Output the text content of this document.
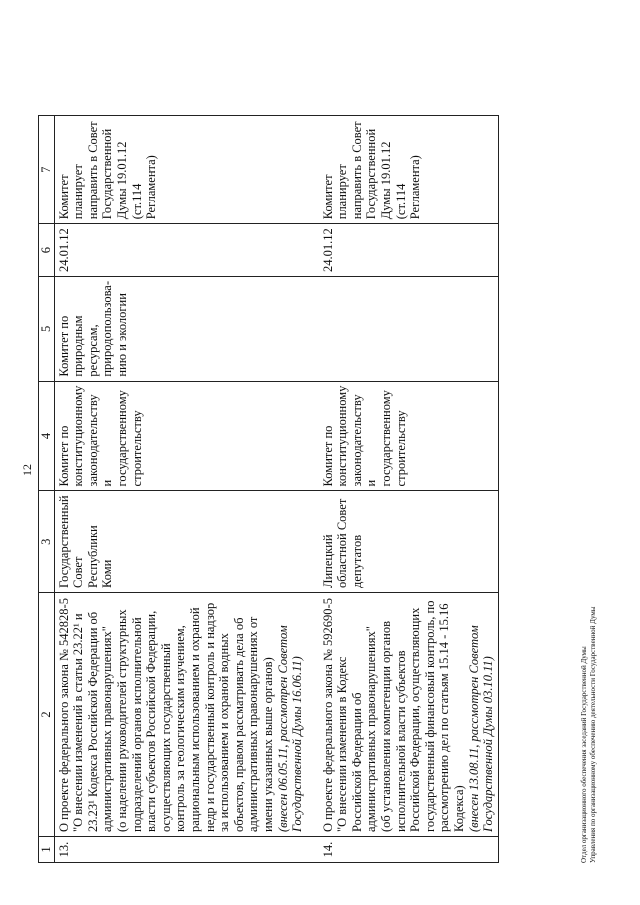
12
1	2	3	4	5	6	7
13.	О проекте федерального закона № 542828-5 "О внесении изменений в статьи 23.22¹ и 23.23¹ Кодекса Российской Федерации об административных правонарушениях" (о наделении руководителей структурных подразделений органов исполнительной власти субъектов Российской Федерации, осуществляющих государственный контроль за геологическим изучением, рациональным использованием и охраной недр и государственный контроль и надзор за использованием и охраной водных объектов, правом рассматривать дела об административных правонарушениях от имени указанных выше органов) (внесен 06.05.11, рассмотрен Советом Государственной Думы 16.06.11)	Государственный Совет Республики Коми	Комитет по конституционному законодательству и государственному строительству	Комитет по природным ресурсам, природопользова-нию и экологии	24.01.12	Комитет планирует направить в Совет Государственной Думы 19.01.12 (ст.114 Регламента)
14.	О проекте федерального закона № 592690-5 "О внесении изменения в Кодекс Российской Федерации об административных правонарушениях" (об установлении компетенции органов исполнительной власти субъектов Российской Федерации, осуществляющих государственный финансовый контроль, по рассмотрению дел по статьям 15.14 - 15.16 Кодекса) (внесен 13.08.11, рассмотрен Советом Государственной Думы 03.10.11)	Липецкий областной Совет депутатов	Комитет по конституционному законодательству и государственному строительству		24.01.12	Комитет планирует направить в Совет Государственной Думы 19.01.12 (ст.114 Регламента)
Отдел организационного обеспечения заседаний Государственной Думы Управления по организационному обеспечению деятельности Государственной Думы
